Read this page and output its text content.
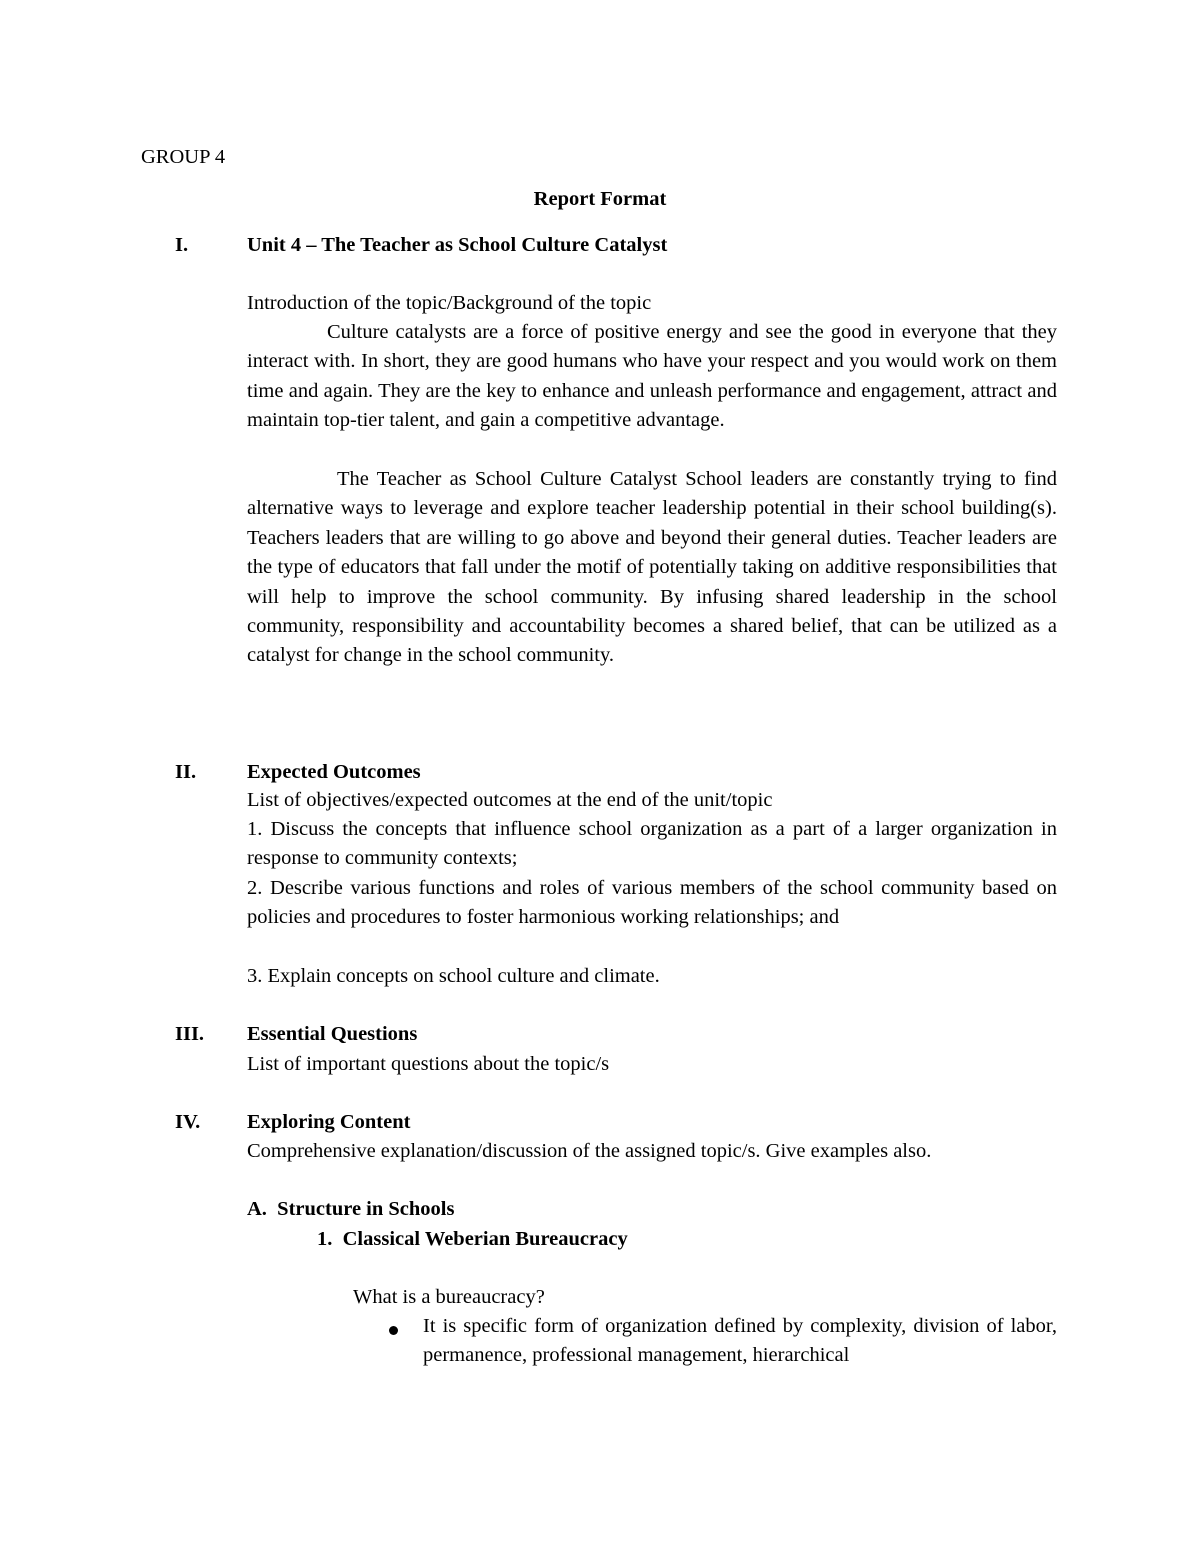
GROUP 4
Report Format
I.	Unit 4 – The Teacher as School Culture Catalyst
Introduction of the topic/Background of the topic
Culture catalysts are a force of positive energy and see the good in everyone that they interact with. In short, they are good humans who have your respect and you would work on them time and again. They are the key to enhance and unleash performance and engagement, attract and maintain top-tier talent, and gain a competitive advantage.
The Teacher as School Culture Catalyst School leaders are constantly trying to find alternative ways to leverage and explore teacher leadership potential in their school building(s). Teachers leaders that are willing to go above and beyond their general duties. Teacher leaders are the type of educators that fall under the motif of potentially taking on additive responsibilities that will help to improve the school community. By infusing shared leadership in the school community, responsibility and accountability becomes a shared belief, that can be utilized as a catalyst for change in the school community.
II. Expected Outcomes
List of objectives/expected outcomes at the end of the unit/topic
1. Discuss the concepts that influence school organization as a part of a larger organization in response to community contexts;
2. Describe various functions and roles of various members of the school community based on policies and procedures to foster harmonious working relationships; and
3. Explain concepts on school culture and climate.
III. Essential Questions
List of important questions about the topic/s
IV. Exploring Content
Comprehensive explanation/discussion of the assigned topic/s. Give examples also.
A.  Structure in Schools
1.  Classical Weberian Bureaucracy
What is a bureaucracy?
It is specific form of organization defined by complexity, division of labor, permanence, professional management, hierarchical
